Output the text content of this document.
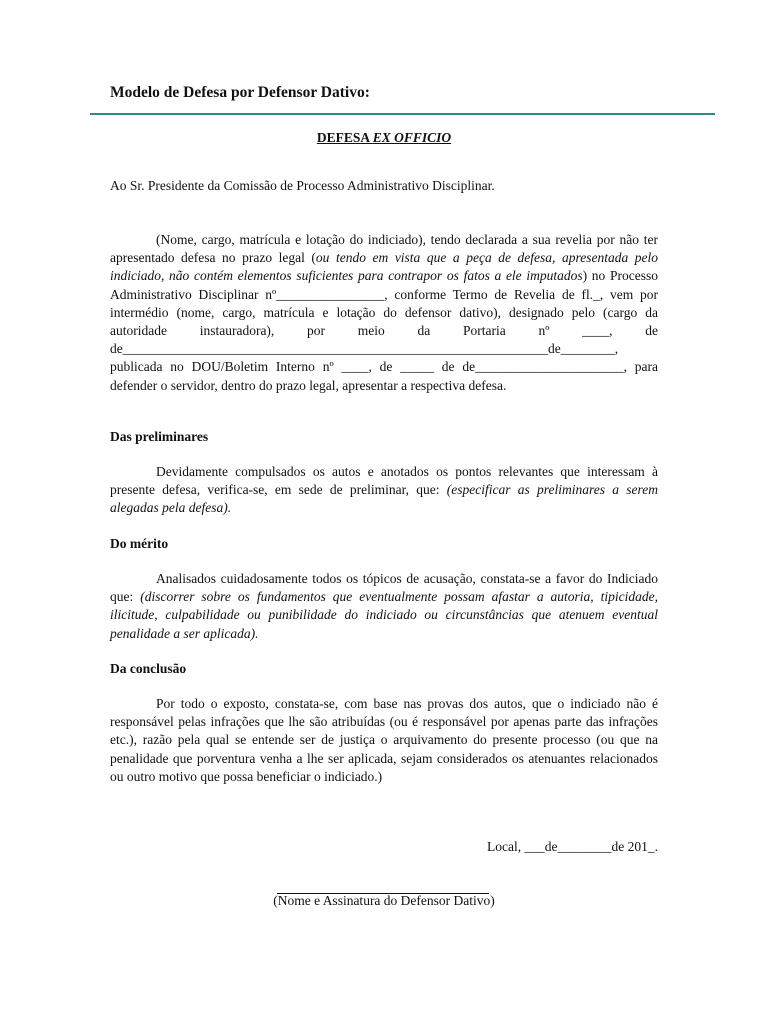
Modelo de Defesa por Defensor Dativo:
DEFESA EX OFFICIO
Ao Sr. Presidente da Comissão de Processo Administrativo Disciplinar.
(Nome, cargo, matrícula e lotação do indiciado), tendo declarada a sua revelia por não ter apresentado defesa no prazo legal (ou tendo em vista que a peça de defesa, apresentada pelo indiciado, não contém elementos suficientes para contrapor os fatos a ele imputados) no Processo Administrativo Disciplinar nº________________, conforme Termo de Revelia de fl._, vem por intermédio (nome, cargo, matrícula e lotação do defensor dativo), designado pelo (cargo da autoridade instauradora), por meio da Portaria nº ____, de de_______________________________________________________________de________, publicada no DOU/Boletim Interno nº ____, de _____ de de______________________, para defender o servidor, dentro do prazo legal, apresentar a respectiva defesa.
Das preliminares
Devidamente compulsados os autos e anotados os pontos relevantes que interessam à presente defesa, verifica-se, em sede de preliminar, que: (especificar as preliminares a serem alegadas pela defesa).
Do mérito
Analisados cuidadosamente todos os tópicos de acusação, constata-se a favor do Indiciado que: (discorrer sobre os fundamentos que eventualmente possam afastar a autoria, tipicidade, ilicitude, culpabilidade ou punibilidade do indiciado ou circunstâncias que atenuem eventual penalidade a ser aplicada).
Da conclusão
Por todo o exposto, constata-se, com base nas provas dos autos, que o indiciado não é responsável pelas infrações que lhe são atribuídas (ou é responsável por apenas parte das infrações etc.), razão pela qual se entende ser de justiça o arquivamento do presente processo (ou que na penalidade que porventura venha a lhe ser aplicada, sejam considerados os atenuantes relacionados ou outro motivo que possa beneficiar o indiciado.)
Local, ___de________de 201_.
(Nome e Assinatura do Defensor Dativo)
